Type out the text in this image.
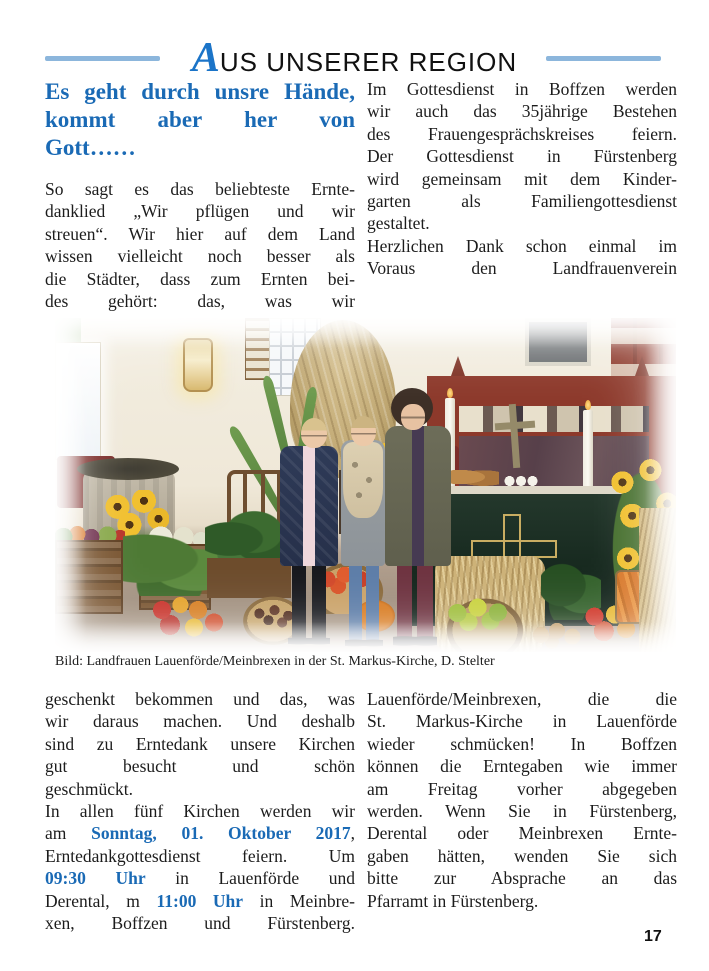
AUS UNSERER REGION
Es geht durch unsre Hände,
kommt aber her von
Gott……
So sagt es das beliebteste Ernte-
danklied „Wir pflügen und wir
streuen“. Wir hier auf dem Land
wissen vielleicht noch besser als
die Städter, dass zum Ernten bei-
des gehört: das, was wir
Im Gottesdienst in Boffzen werden
wir auch das 35jährige Bestehen
des Frauengesprächskreises feiern.
Der Gottesdienst in Fürstenberg
wird gemeinsam mit dem Kinder-
garten als Familiengottesdienst
gestaltet.
Herzlichen Dank schon einmal im
Voraus den Landfrauenverein
Bild: Landfrauen Lauenförde/Meinbrexen in der St. Markus-Kirche, D. Stelter
geschenkt bekommen und das, was
wir daraus machen. Und deshalb
sind zu Erntedank unsere Kirchen
gut besucht und schön
geschmückt.
In allen fünf Kirchen werden wir
am Sonntag, 01. Oktober 2017,
Erntedankgottesdienst feiern. Um
09:30 Uhr in Lauenförde und
Derental, m 11:00 Uhr in Meinbre-
xen, Boffzen und Fürstenberg.
Lauenförde/Meinbrexen, die die
St. Markus-Kirche in Lauenförde
wieder schmücken! In Boffzen
können die Erntegaben wie immer
am Freitag vorher abgegeben
werden. Wenn Sie in Fürstenberg,
Derental oder Meinbrexen Ernte-
gaben hätten, wenden Sie sich
bitte zur Absprache an das
Pfarramt in Fürstenberg.
17
